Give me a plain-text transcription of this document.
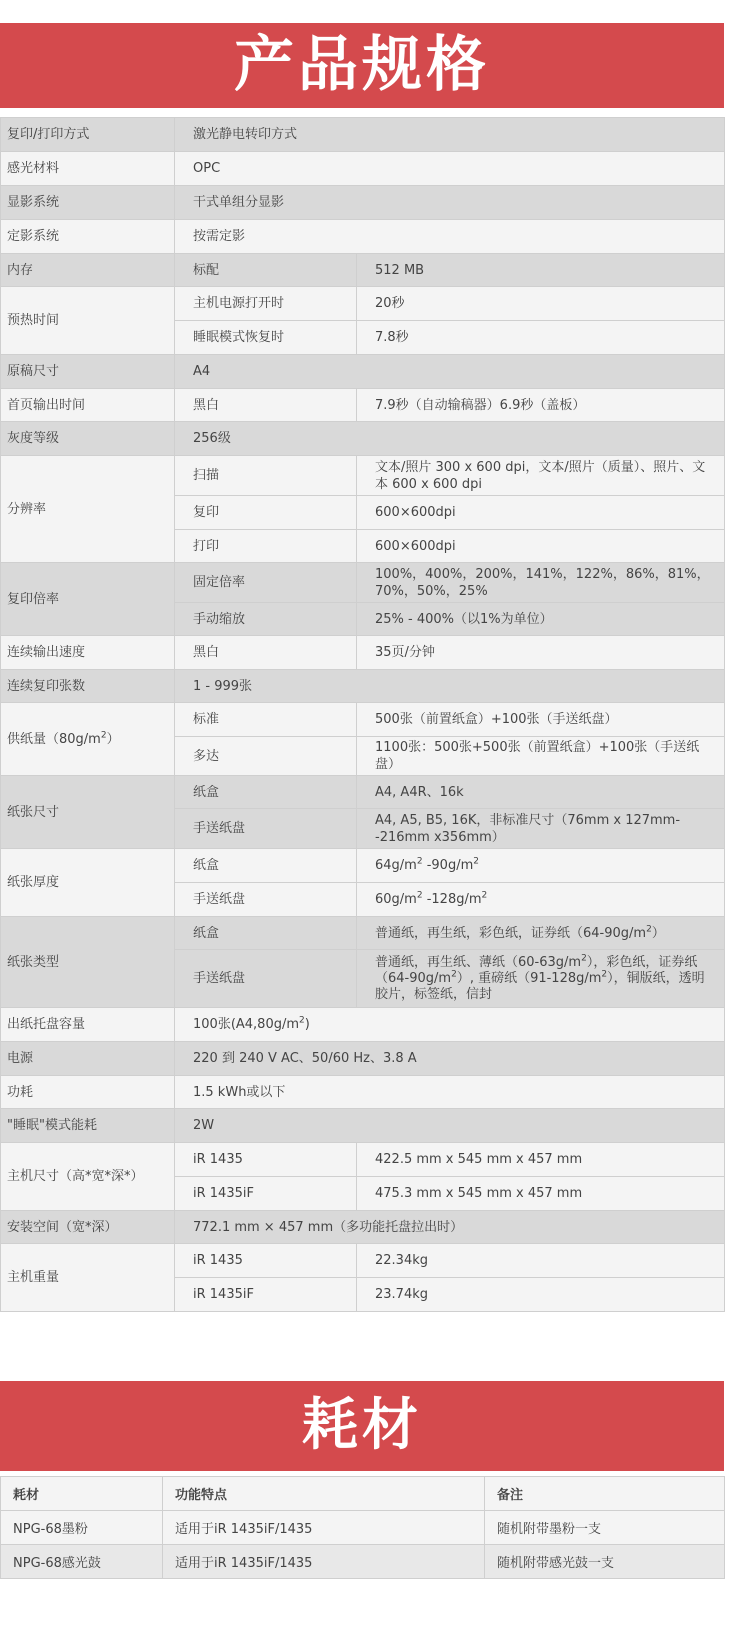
产品规格
复印/打印方式	激光静电转印方式	
感光材料	OPC	
显影系统	干式单组分显影	
定影系统	按需定影	
内存	标配	512 MB
预热时间	主机电源打开时	20秒
	睡眠模式恢复时	7.8秒
原稿尺寸	A4	
首页输出时间	黑白	7.9秒（自动输稿器）6.9秒（盖板）
灰度等级	256级	
分辨率	扫描	文本/照片 300 x 600 dpi，文本/照片（质量）、照片、文本 600 x 600 dpi
	复印	600×600dpi
	打印	600×600dpi
复印倍率	固定倍率	100%，400%，200%，141%，122%，86%，81%，70%，50%，25%
	手动缩放	25% - 400%（以1%为单位）
连续输出速度	黑白	35页/分钟
连续复印张数	1 - 999张	
供纸量$(80g/m^2)$	标准	500张（前置纸盒）+100张（手送纸盘）
	多达	1100张：500张+500张（前置纸盒）+100张（手送纸盘）
纸张尺寸	纸盒	A4, A4R、16k
	手送纸盘	A4, A5, B5, 16K，非标准尺寸（76mm x 127mm--216mm x356mm）
纸张厚度	纸盒	$64g/m^2$ $-90g/m^2$
	手送纸盘	$60g/m^2$ $-128g/m^2$
纸张类型	纸盒	普通纸，再生纸，彩色纸，证券纸$(64-90g/m^2)$
	手送纸盘	普通纸，再生纸、薄纸$(60-63g/m^2)$，彩色纸，证券纸$(64-90g/m^2)$, 重磅纸$(91-128g/m^2)$，铜版纸，透明胶片，标签纸，信封
出纸托盘容量	100张$(A4,80g/m^2)$	
电源	220 到 240 V AC、50/60 Hz、3.8 A	
功耗	1.5 kWh或以下	
"睡眠"模式能耗	2W	
主机尺寸（高*宽*深*）	iR 1435	422.5 mm x 545 mm x 457 mm
	iR 1435iF	475.3 mm x 545 mm x 457 mm
安装空间（宽*深）	772.1 mm × 457 mm（多功能托盘拉出时）	
主机重量	iR 1435	22.34kg
	iR 1435iF	23.74kg
耗材
耗材	功能特点	备注
NPG-68墨粉	适用于iR 1435iF/1435	随机附带墨粉一支
NPG-68感光鼓	适用于iR 1435iF/1435	随机附带感光鼓一支
